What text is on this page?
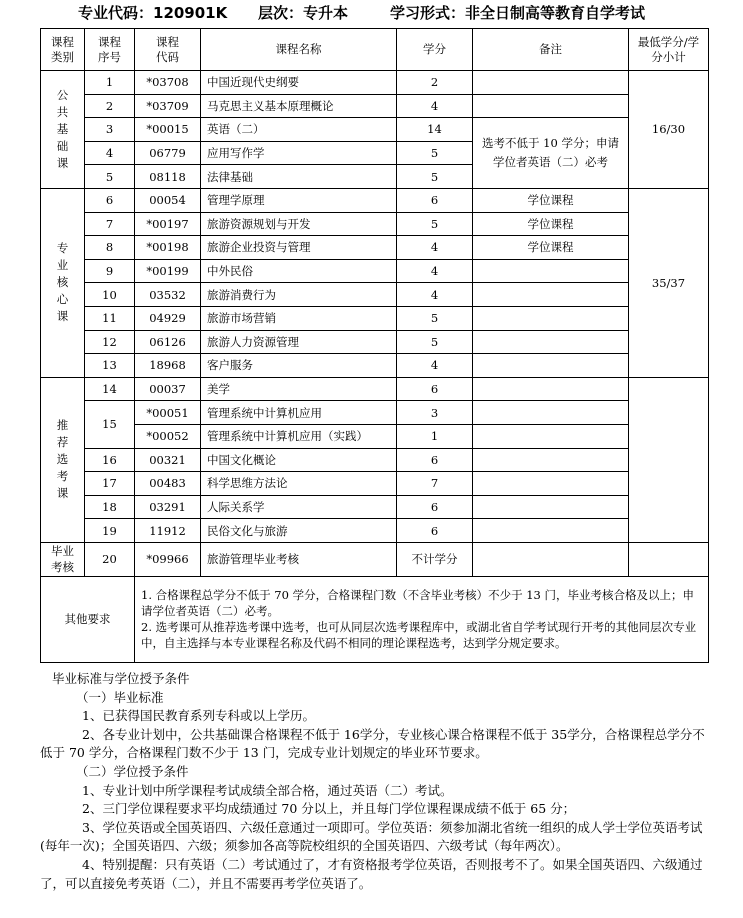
专业代码：120901K 层次：专升本	学习形式：非全日制高等教育自学考试
课程类别	课程序号	课程代码	课程名称	学分	备注	最低学分/学分小计
公共基础课	1	*03708	中国近现代史纲要	2		16/30
	2	*03709	马克思主义基本原理概论	4		
	3	*00015	英语（二）	14	选考不低于 10 学分；申请学位者英语（二）必考	
	4	06779	应用写作学	5		
	5	08118	法律基础	5		
专业核心课	6	00054	管理学原理	6	学位课程	35/37
	7	*00197	旅游资源规划与开发	5	学位课程	
	8	*00198	旅游企业投资与管理	4	学位课程	
	9	*00199	中外民俗	4		
	10	03532	旅游消费行为	4		
	11	04929	旅游市场营销	5		
	12	06126	旅游人力资源管理	5		
	13	18968	客户服务	4		
推荐选考课	14	00037	美学	6		
	15	*00051	管理系统中计算机应用	3		
		*00052	管理系统中计算机应用（实践）	1		
	16	00321	中国文化概论	6		
	17	00483	科学思维方法论	7		
	18	03291	人际关系学	6		
	19	11912	民俗文化与旅游	6		
毕业考核	20	*09966	旅游管理毕业考核	不计学分		
其他要求		1. 合格课程总学分不低于 70 学分，合格课程门数（不含毕业考核）不少于 13 门，毕业考核合格及以上；申请学位者英语（二）必考。

2. 选考课可从推荐选考课中选考，也可从同层次选考课程库中，或湖北省自学考试现行开考的其他同层次专业中，自主选择与本专业课程名称及代码不相同的理论课程选考，达到学分规定要求。				

毕业标准与学位授予条件

（一）毕业标准

1、已获得国民教育系列专科或以上学历。

2、各专业计划中，公共基础课合格课程不低于 16学分，专业核心课合格课程不低于 35学分，合格课程总学分不低于 70 学分，合格课程门数不少于 13 门，完成专业计划规定的毕业环节要求。

（二）学位授予条件

1、专业计划中所学课程考试成绩全部合格，通过英语（二）考试。

2、三门学位课程要求平均成绩通过 70 分以上，并且每门学位课程课成绩不低于 65 分；

3、学位英语或全国英语四、六级任意通过一项即可。学位英语：须参加湖北省统一组织的成人学士学位英语考试(每年一次)；全国英语四、六级；须参加各高等院校组织的全国英语四、六级考试（每年两次）。

4、特别提醒：只有英语（二）考试通过了，才有资格报考学位英语，否则报考不了。如果全国英语四、六级通过了，可以直接免考英语（二），并且不需要再考学位英语了。
